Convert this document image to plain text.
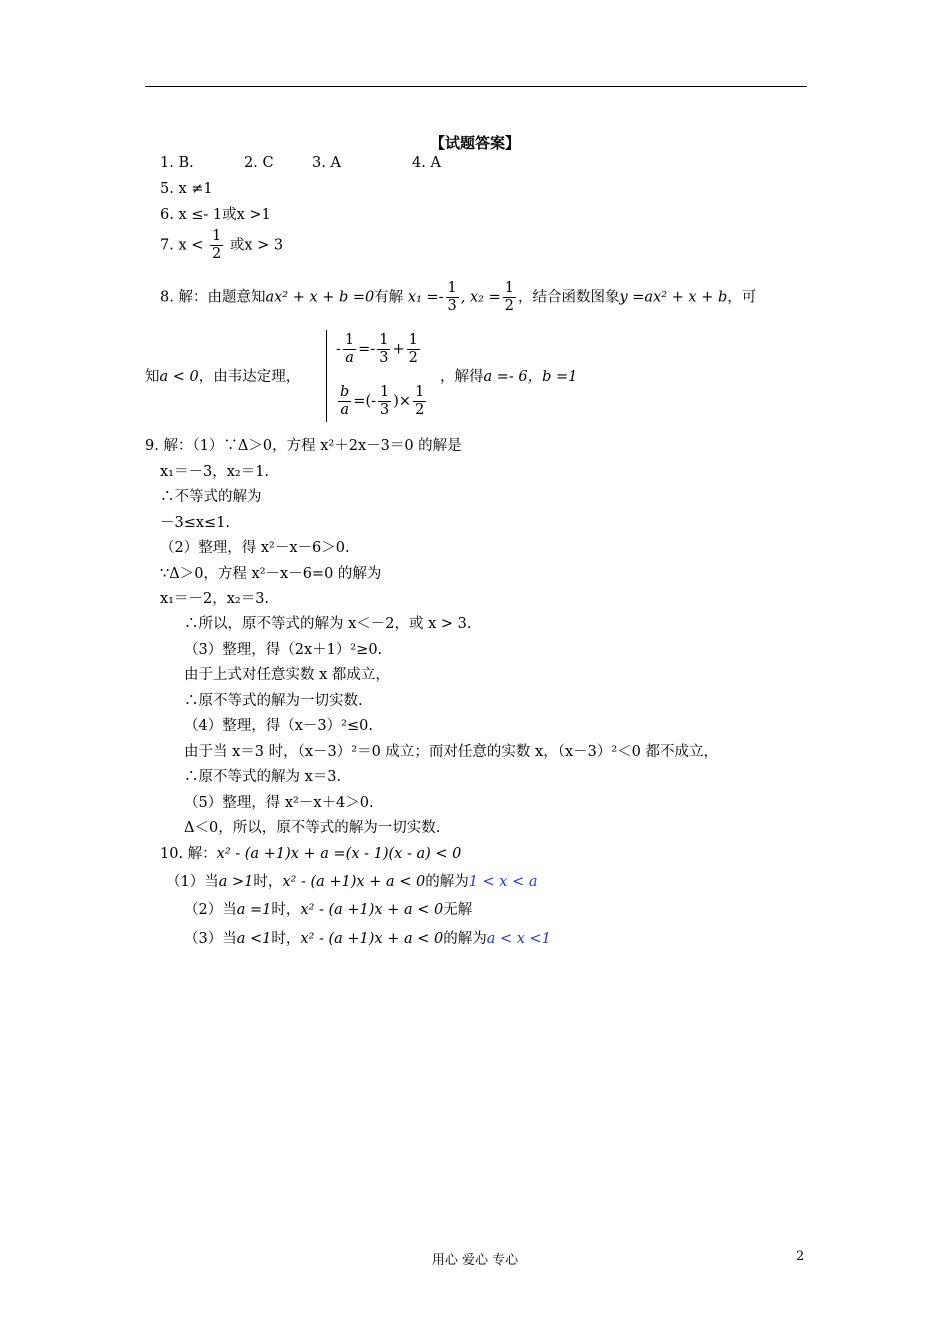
【试题答案】
1. B.	2. C	3. A	4. A
5. x ≠1
6. x ≤- 1或x >1
7. $x < \frac{1}{2}$ 或x > 3
8. 解：由题意知ax² + x + b =0有解 $x_1 =- \frac{1}{3}$ , $x_2 = \frac{1}{2}$ ，结合函数图象y =ax² + x + b，可
知a < 0，由韦达定理，
- $\frac{1}{a} =- \frac{1}{3} + \frac{1}{2}$
$\frac{b}{a}$ =(- $\frac{1}{3}$ )× $\frac{1}{2}$
，解得a =- 6，b =1
9. 解：（1）∵Δ＞0，方程 x²＋2x－3＝0 的解是
x₁＝－3，x₂＝1.
∴不等式的解为
－3≤x≤1.
（2）整理，得 x²－x－6＞0.
∵Δ＞0，方程 x²－x－6=0 的解为
x₁＝－2，x₂＝3.
∴所以，原不等式的解为 x＜－2，或 x > 3.
（3）整理，得（2x＋1）²≥0.
由于上式对任意实数 x 都成立，
∴原不等式的解为一切实数.
（4）整理，得（x－3）²≤0.
由于当 x＝3 时，（x－3）²＝0 成立；而对任意的实数 x，（x－3）²＜0 都不成立，
∴原不等式的解为 x＝3.
（5）整理，得 x²－x＋4＞0.
Δ＜0，所以，原不等式的解为一切实数.
10. 解：x² - (a +1)x + a =(x - 1)(x - a) < 0
（1）当a >1时，x² - (a +1)x + a < 0的解为1 < x < a
（2）当a =1时，x² - (a +1)x + a < 0无解
（3）当a <1时，x² - (a +1)x + a < 0的解为a < x <1
用心 爱心 专心	2
